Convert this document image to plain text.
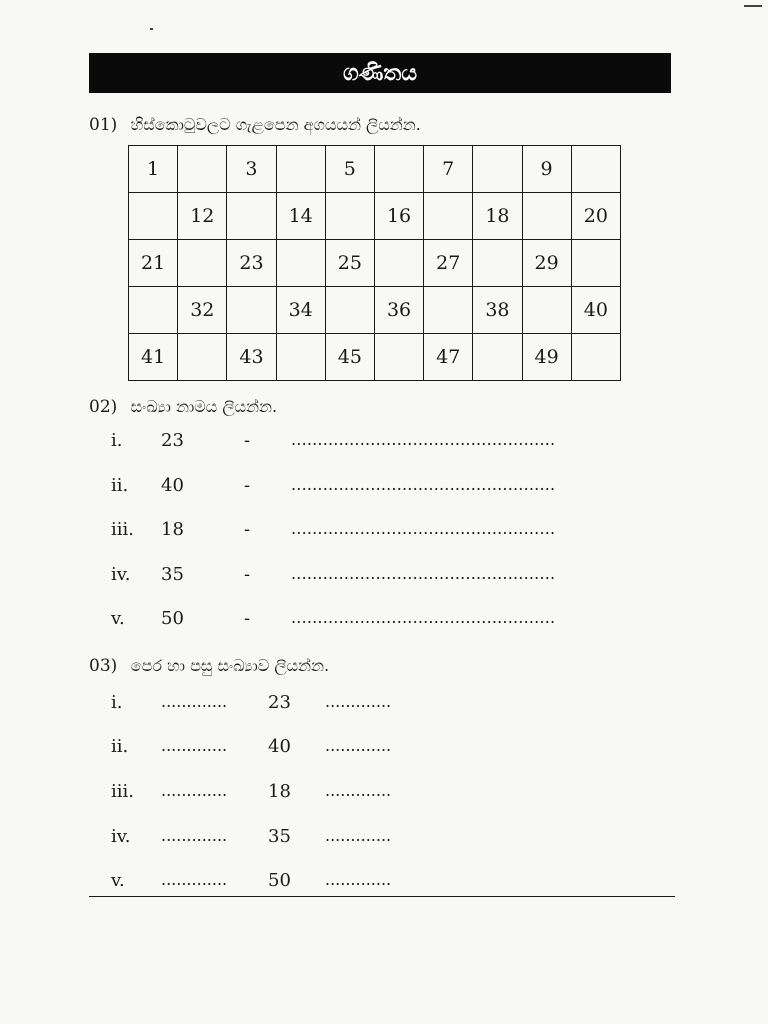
ගණිතය
01) හිස්කොටුවලට ගැළපෙන අගයයන් ලියන්න.
1		3		5		7		9	
	12		14		16		18		20
21		23		25		27		29	
	32		34		36		38		40
41		43		45		47		49	
02) සංඛ්‍යා නාමය ලියන්න.
i. 23	-	..................................................
ii. 40	-	..................................................
iii. 18	-	..................................................
iv. 35	-	..................................................
v. 50	-	..................................................
03) පෙර හා පසු සංඛ්‍යාව ලියන්න.
i. ............. 23 .............
ii. ............. 40 .............
iii. ............. 18 .............
iv. ............. 35 .............
v. ............. 50 .............
